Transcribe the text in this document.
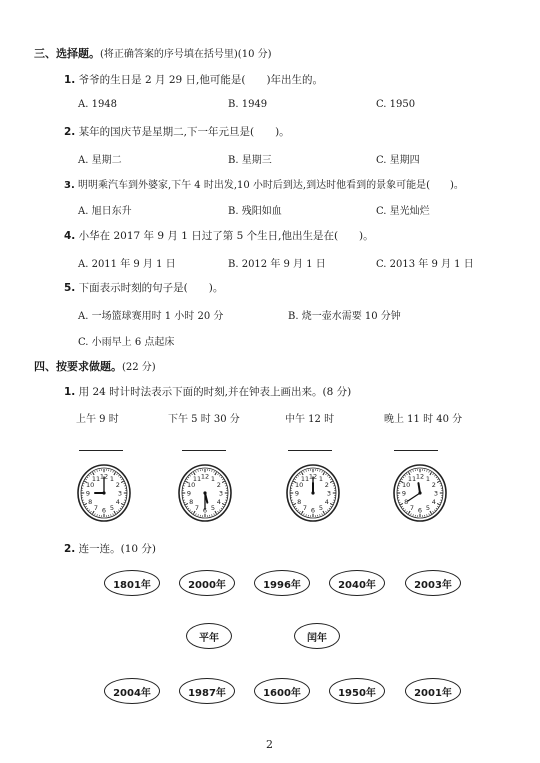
三、选择题。(将正确答案的序号填在括号里)(10 分)
1. 爷爷的生日是 2 月 29 日,他可能是(　　)年出生的。
A. 1948	B. 1949	C. 1950
2. 某年的国庆节是星期二,下一年元旦是(　　)。
A. 星期二	B. 星期三	C. 星期四
3. 明明乘汽车到外婆家,下午 4 时出发,10 小时后到达,到达时他看到的景象可能是(　　)。
A. 旭日东升	B. 残阳如血	C. 星光灿烂
4. 小华在 2017 年 9 月 1 日过了第 5 个生日,他出生是在(　　)。
A. 2011 年 9 月 1 日	B. 2012 年 9 月 1 日	C. 2013 年 9 月 1 日
5. 下面表示时刻的句子是(　　)。
A. 一场篮球赛用时 1 小时 20 分	B. 烧一壶水需要 10 分钟
C. 小雨早上 6 点起床
四、按要求做题。(22 分)
1. 用 24 时计时法表示下面的时刻,并在钟表上画出来。(8 分)
上午 9 时	下午 5 时 30 分	中午 12 时	晚上 11 时 40 分
1
2
3
4
5
6
7
8
9
10
11 12	1
2
3
4
5
6
7
8
9
10
11 12	1
2
3
4
5
6
7
8
9
10
11 12	1
2
3
4
5
6
7
8
9
10
11 12
2. 连一连。(10 分)
1801年	2000年	1996年	2040年	2003年
平年	闰年
2004年	1987年	1600年	1950年	2001年
2
